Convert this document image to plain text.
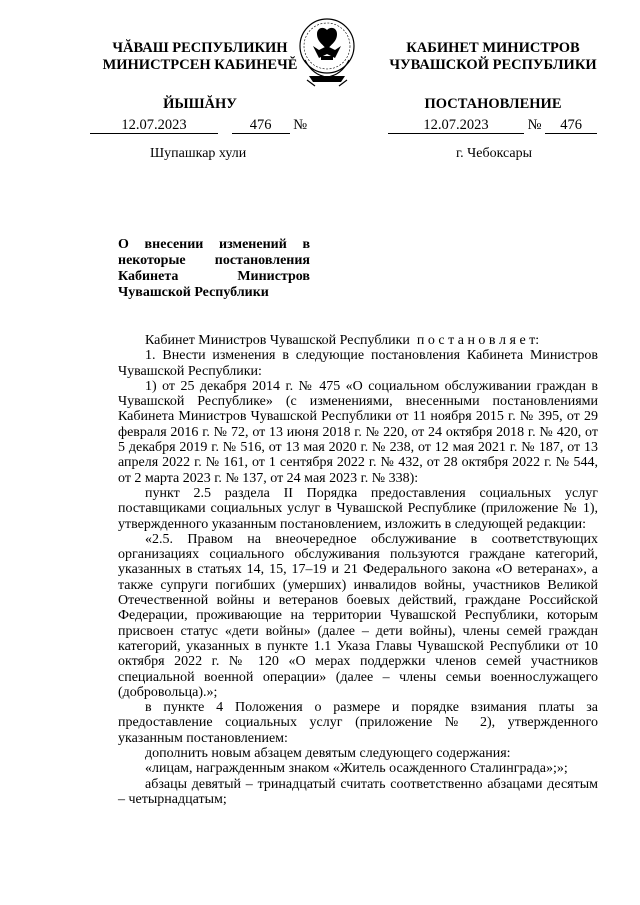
ЧĂВАШ РЕСПУБЛИКИН
МИНИСТРСЕН КАБИНЕЧĔ
ЙЫШĂНУ
КАБИНЕТ МИНИСТРОВ
ЧУВАШСКОЙ РЕСПУБЛИКИ
ПОСТАНОВЛЕНИЕ
12.07.2023	476 №	12.07.2023	№ 476
Шупашкар хули	г. Чебоксары
О внесении изменений в некоторые постановления Кабинета Министров Чувашской Республики

Кабинет Министров Чувашской Республики п о с т а н о в л я е т:

1. Внести изменения в следующие постановления Кабинета Министров Чувашской Республики:

1) от 25 декабря 2014 г. № 475 «О социальном обслуживании граждан в Чувашской Республике» (с изменениями, внесенными постановлениями Кабинета Министров Чувашской Республики от 11 ноября 2015 г. № 395, от 29 февраля 2016 г. № 72, от 13 июня 2018 г. № 220, от 24 октября 2018 г. № 420, от 5 декабря 2019 г. № 516, от 13 мая 2020 г. № 238, от 12 мая 2021 г. № 187, от 13 апреля 2022 г. № 161, от 1 сентября 2022 г. № 432, от 28 октября 2022 г. № 544, от 2 марта 2023 г. № 137, от 24 мая 2023 г. № 338):

пункт 2.5 раздела II Порядка предоставления социальных услуг поставщиками социальных услуг в Чувашской Республике (приложение № 1), утвержденного указанным постановлением, изложить в следующей редакции:

«2.5. Правом на внеочередное обслуживание в соответствующих организациях социального обслуживания пользуются граждане категорий, указанных в статьях 14, 15, 17–19 и 21 Федерального закона «О ветеранах», а также супруги погибших (умерших) инвалидов войны, участников Великой Отечественной войны и ветеранов боевых действий, граждане Российской Федерации, проживающие на территории Чувашской Республики, которым присвоен статус «дети войны» (далее – дети войны), члены семей граждан категорий, указанных в пункте 1.1 Указа Главы Чувашской Республики от 10 октября 2022 г. № 120 «О мерах поддержки членов семей участников специальной военной операции» (далее – члены семьи военнослужащего (добровольца).»;

в пункте 4 Положения о размере и порядке взимания платы за предоставление социальных услуг (приложение № 2), утвержденного указанным постановлением:

дополнить новым абзацем девятым следующего содержания:

«лицам, награжденным знаком «Житель осажденного Сталинграда»;»;

абзацы девятый – тринадцатый считать соответственно абзацами десятым – четырнадцатым;
